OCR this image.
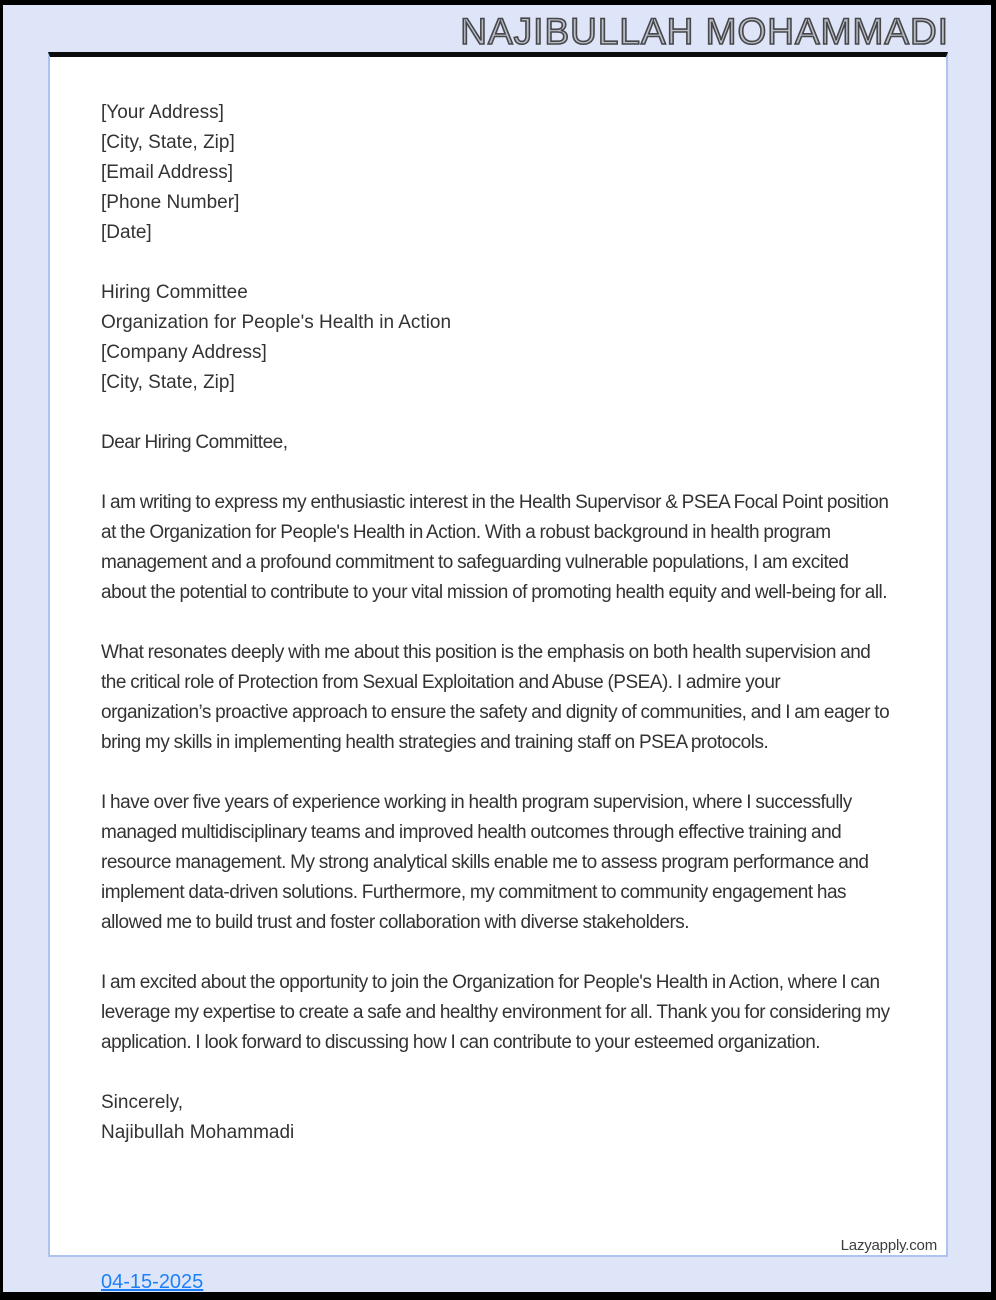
NAJIBULLAH MOHAMMADI
[Your Address]
[City, State, Zip]
[Email Address]
[Phone Number]
[Date]
Hiring Committee
Organization for People's Health in Action
[Company Address]
[City, State, Zip]
Dear Hiring Committee,
I am writing to express my enthusiastic interest in the Health Supervisor & PSEA Focal Point position at the Organization for People's Health in Action. With a robust background in health program management and a profound commitment to safeguarding vulnerable populations, I am excited about the potential to contribute to your vital mission of promoting health equity and well-being for all.
What resonates deeply with me about this position is the emphasis on both health supervision and the critical role of Protection from Sexual Exploitation and Abuse (PSEA). I admire your organization’s proactive approach to ensure the safety and dignity of communities, and I am eager to bring my skills in implementing health strategies and training staff on PSEA protocols.
I have over five years of experience working in health program supervision, where I successfully managed multidisciplinary teams and improved health outcomes through effective training and resource management. My strong analytical skills enable me to assess program performance and implement data-driven solutions. Furthermore, my commitment to community engagement has allowed me to build trust and foster collaboration with diverse stakeholders.
I am excited about the opportunity to join the Organization for People's Health in Action, where I can leverage my expertise to create a safe and healthy environment for all. Thank you for considering my application. I look forward to discussing how I can contribute to your esteemed organization.
Sincerely,
Najibullah Mohammadi
Lazyapply.com
04-15-2025
